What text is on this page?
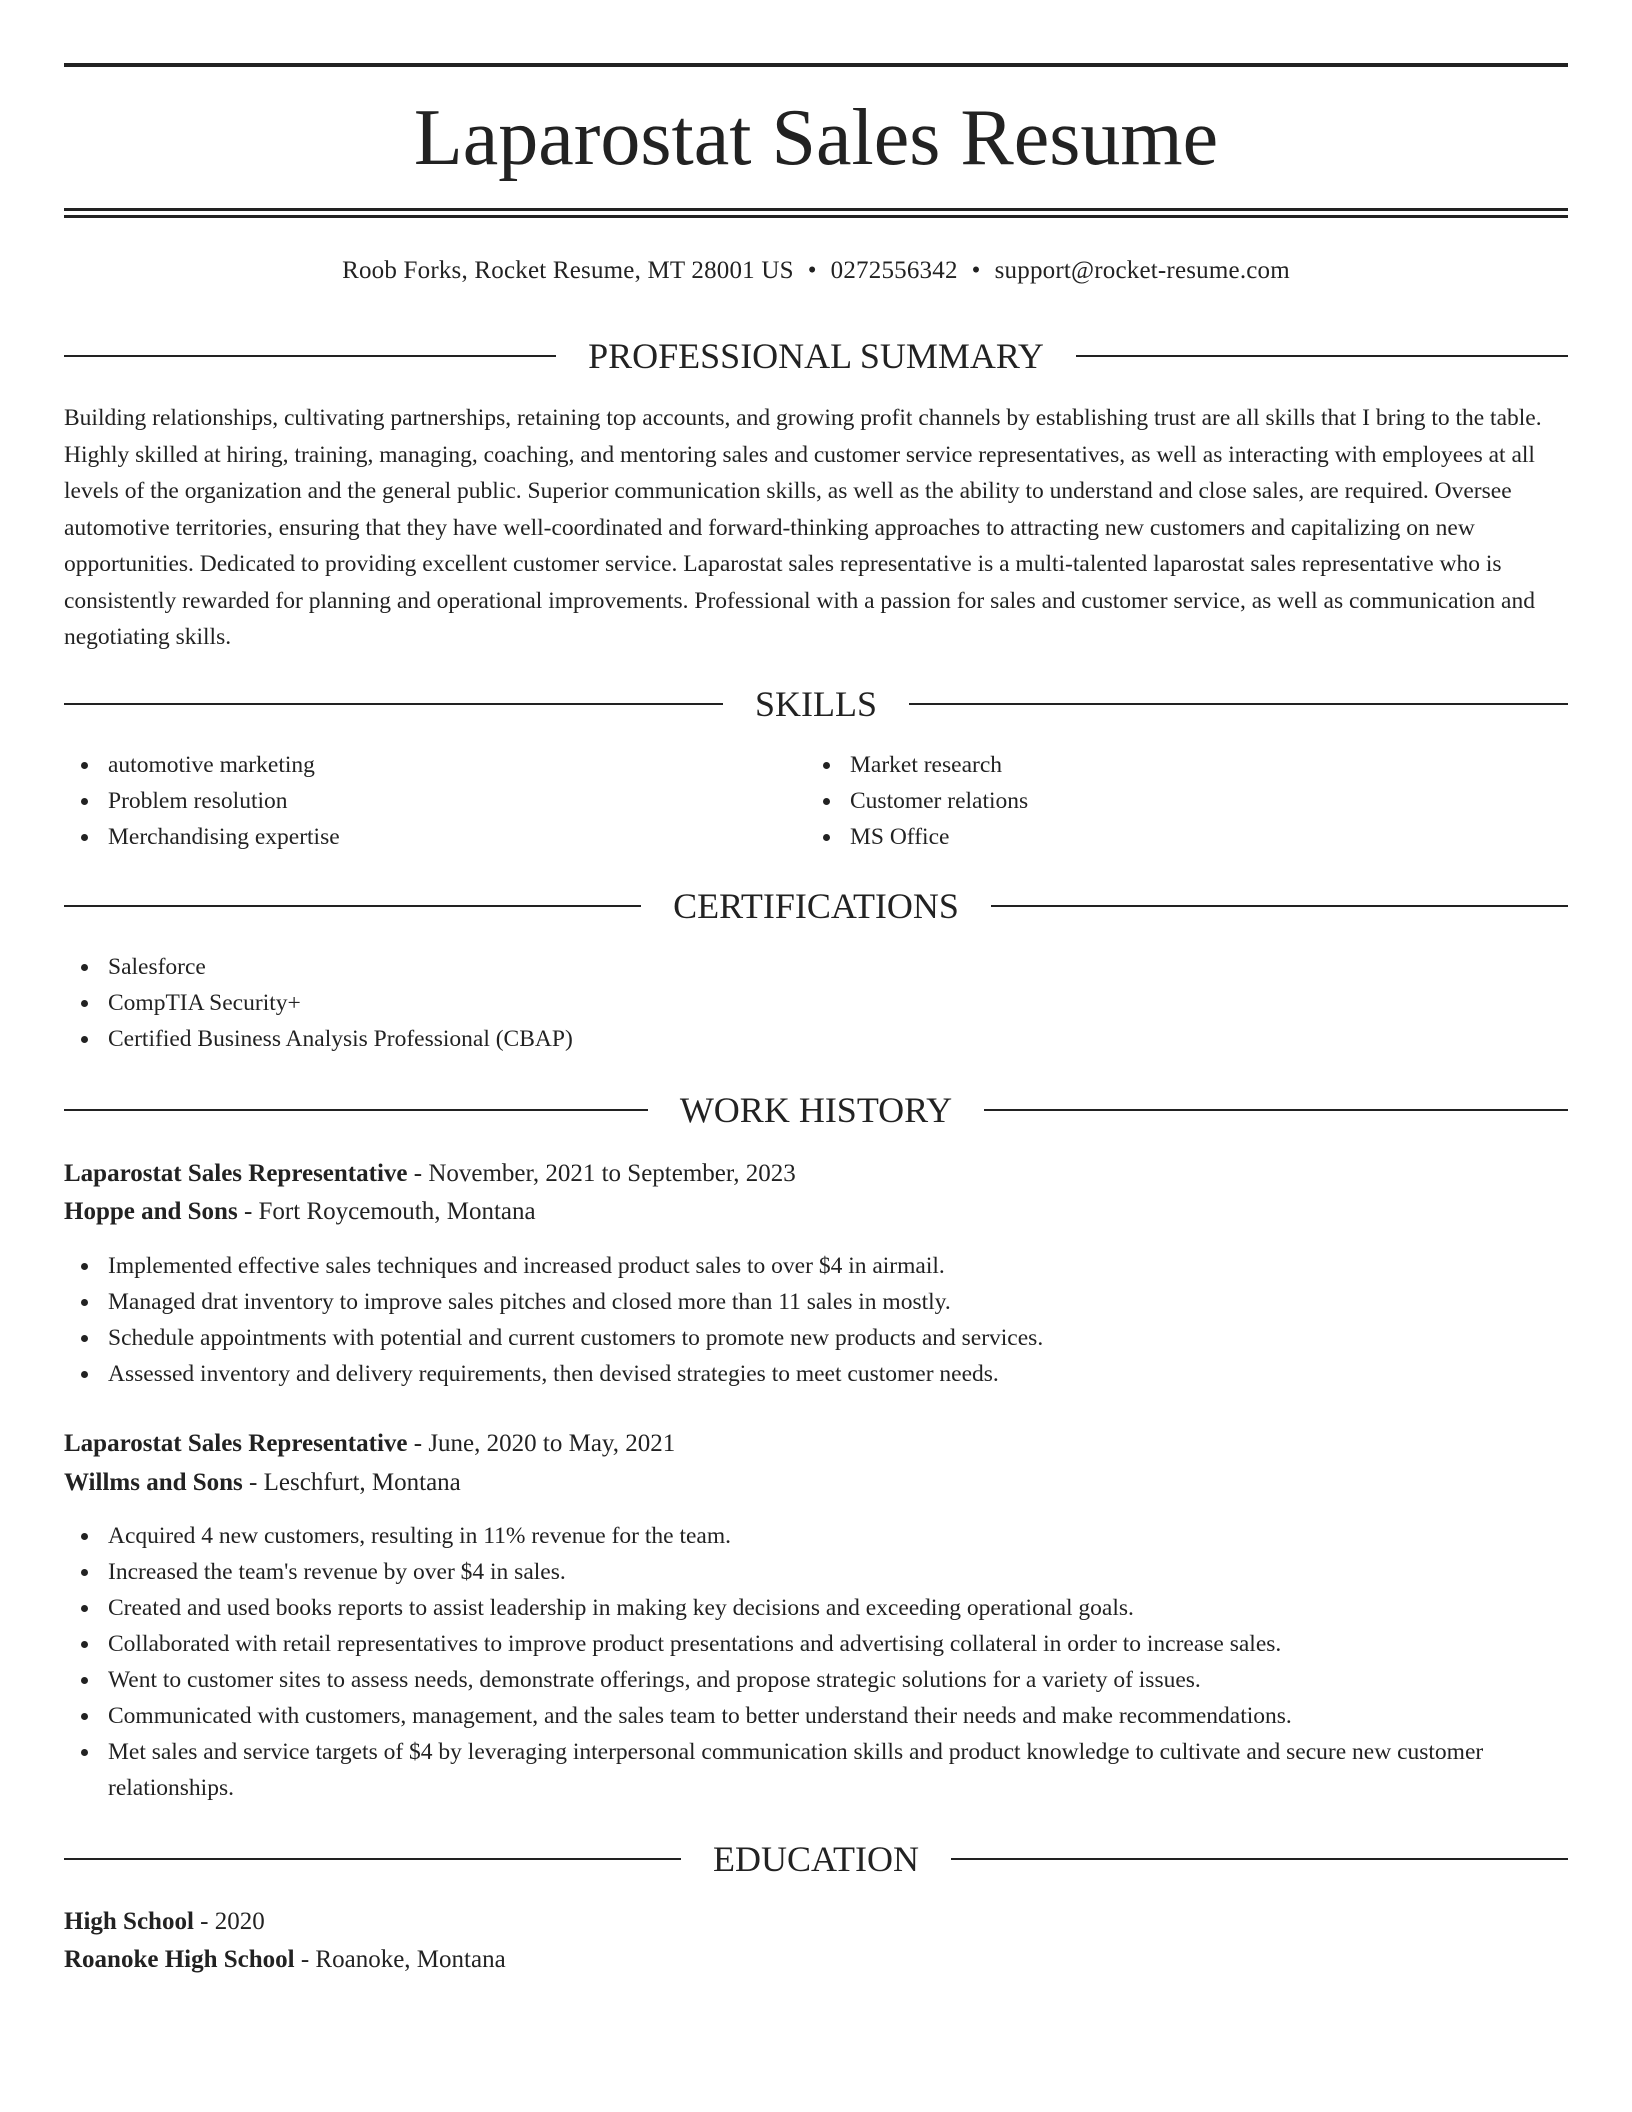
Laparostat Sales Resume
Roob Forks, Rocket Resume, MT 28001 US • 0272556342 • support@rocket-resume.com
PROFESSIONAL SUMMARY
Building relationships, cultivating partnerships, retaining top accounts, and growing profit channels by establishing trust are all skills that I bring to the table. Highly skilled at hiring, training, managing, coaching, and mentoring sales and customer service representatives, as well as interacting with employees at all levels of the organization and the general public. Superior communication skills, as well as the ability to understand and close sales, are required. Oversee automotive territories, ensuring that they have well-coordinated and forward-thinking approaches to attracting new customers and capitalizing on new opportunities. Dedicated to providing excellent customer service. Laparostat sales representative is a multi-talented laparostat sales representative who is consistently rewarded for planning and operational improvements. Professional with a passion for sales and customer service, as well as communication and negotiating skills.
SKILLS
automotive marketing
Problem resolution
Merchandising expertise
Market research
Customer relations
MS Office
CERTIFICATIONS
Salesforce
CompTIA Security+
Certified Business Analysis Professional (CBAP)
WORK HISTORY
Laparostat Sales Representative - November, 2021 to September, 2023
Hoppe and Sons - Fort Roycemouth, Montana
Implemented effective sales techniques and increased product sales to over $4 in airmail.
Managed drat inventory to improve sales pitches and closed more than 11 sales in mostly.
Schedule appointments with potential and current customers to promote new products and services.
Assessed inventory and delivery requirements, then devised strategies to meet customer needs.
Laparostat Sales Representative - June, 2020 to May, 2021
Willms and Sons - Leschfurt, Montana
Acquired 4 new customers, resulting in 11% revenue for the team.
Increased the team's revenue by over $4 in sales.
Created and used books reports to assist leadership in making key decisions and exceeding operational goals.
Collaborated with retail representatives to improve product presentations and advertising collateral in order to increase sales.
Went to customer sites to assess needs, demonstrate offerings, and propose strategic solutions for a variety of issues.
Communicated with customers, management, and the sales team to better understand their needs and make recommendations.
Met sales and service targets of $4 by leveraging interpersonal communication skills and product knowledge to cultivate and secure new customer relationships.
EDUCATION
High School - 2020
Roanoke High School - Roanoke, Montana
